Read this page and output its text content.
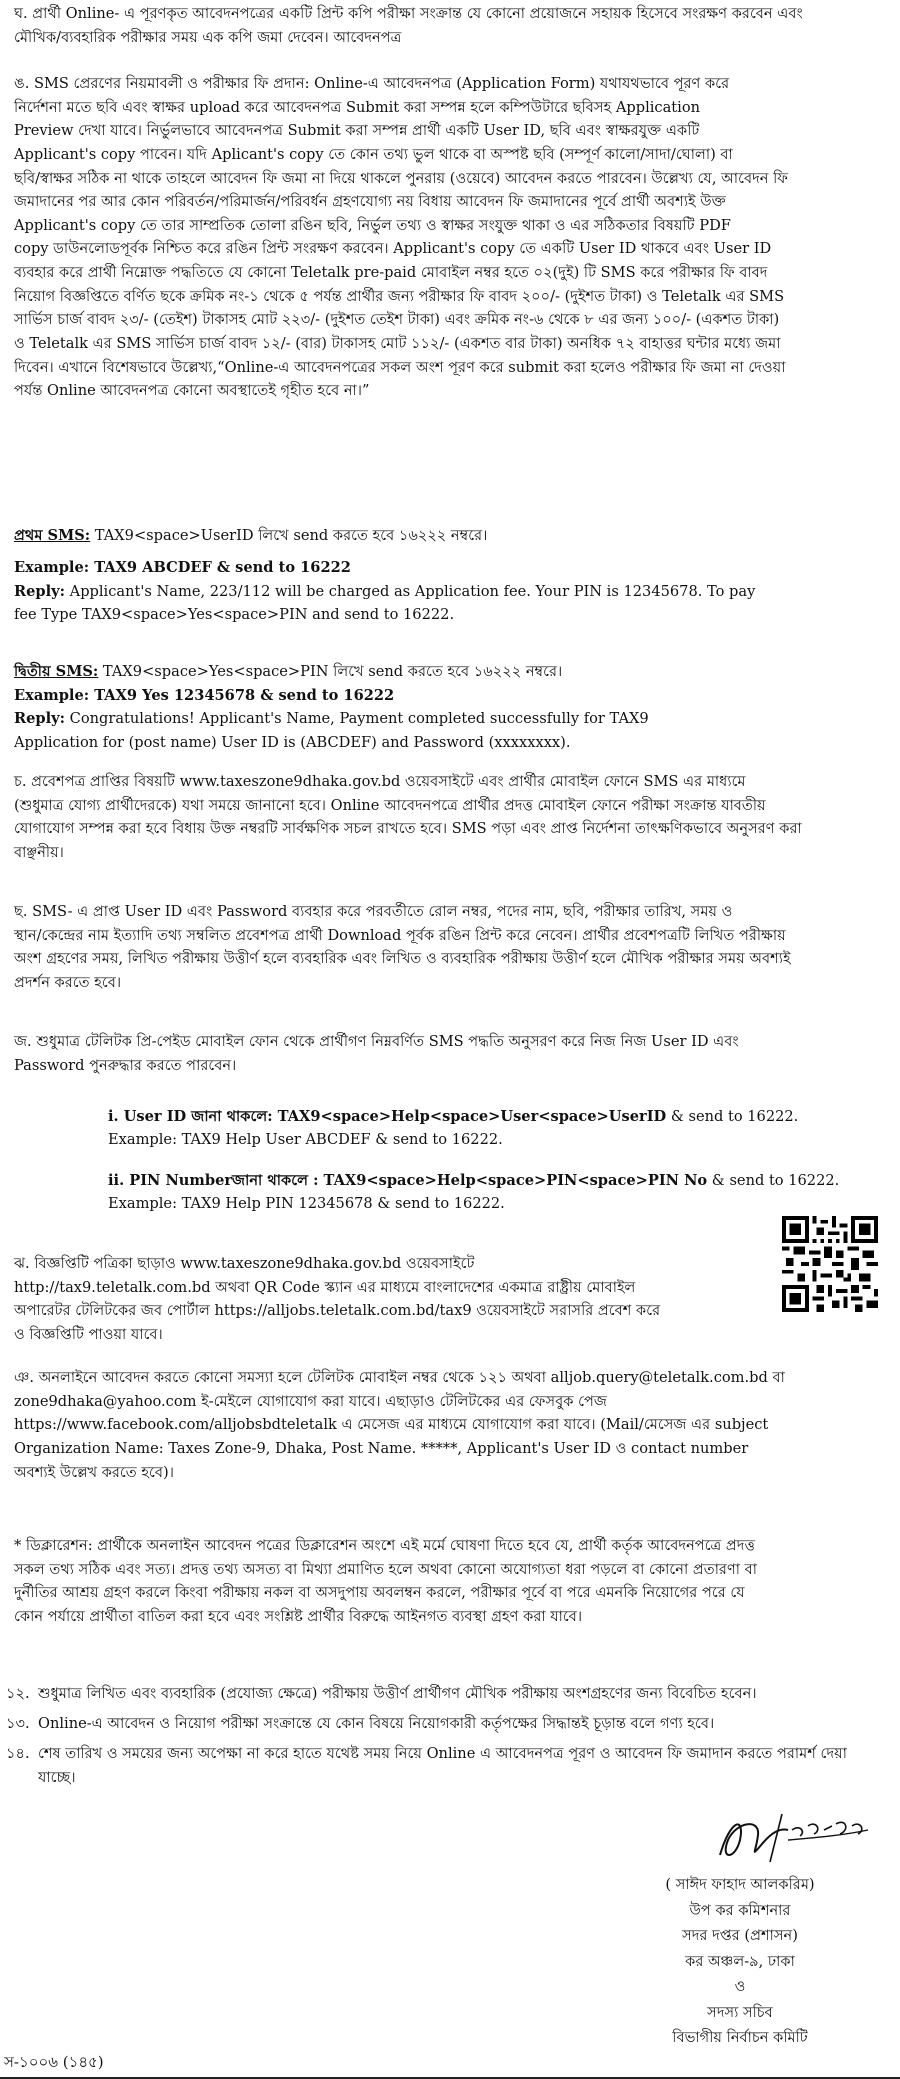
ঘ. প্রার্থী Online- এ পূরণকৃত আবেদনপত্রের একটি প্রিন্ট কপি পরীক্ষা সংক্রান্ত যে কোনো প্রয়োজনে সহায়ক হিসেবে সংরক্ষণ করবেন এবং
মৌখিক/ব্যবহারিক পরীক্ষার সময় এক কপি জমা দেবেন। আবেদনপত্র
ঙ. SMS প্রেরণের নিয়মাবলী ও পরীক্ষার ফি প্রদান: Online-এ আবেদনপত্র (Application Form) যথাযথভাবে পূরণ করে
নির্দেশনা মতে ছবি এবং স্বাক্ষর upload করে আবেদনপত্র Submit করা সম্পন্ন হলে কম্পিউটারে ছবিসহ Application
Preview দেখা যাবে। নির্ভুলভাবে আবেদনপত্র Submit করা সম্পন্ন প্রার্থী একটি User ID, ছবি এবং স্বাক্ষরযুক্ত একটি
Applicant's copy পাবেন। যদি Aplicant's copy তে কোন তথ্য ভুল থাকে বা অস্পষ্ট ছবি (সম্পূর্ণ কালো/সাদা/ঘোলা) বা
ছবি/স্বাক্ষর সঠিক না থাকে তাহলে আবেদন ফি জমা না দিয়ে থাকলে পুনরায় (ওয়েবে) আবেদন করতে পারবেন। উল্লেখ্য যে, আবেদন ফি
জমাদানের পর আর কোন পরিবর্তন/পরিমার্জন/পরিবর্ধন গ্রহণযোগ্য নয় বিধায় আবেদন ফি জমাদানের পূর্বে প্রার্থী অবশ্যই উক্ত
Applicant's copy তে তার সাম্প্রতিক তোলা রঙিন ছবি, নির্ভুল তথ্য ও স্বাক্ষর সংযুক্ত থাকা ও এর সঠিকতার বিষয়টি PDF
copy ডাউনলোডপূর্বক নিশ্চিত করে রঙিন প্রিন্ট সংরক্ষণ করবেন। Applicant's copy তে একটি User ID থাকবে এবং User ID
ব্যবহার করে প্রার্থী নিম্নোক্ত পদ্ধতিতে যে কোনো Teletalk pre-paid মোবাইল নম্বর হতে ০২(দুই) টি SMS করে পরীক্ষার ফি বাবদ
নিয়োগ বিজ্ঞপ্তিতে বর্ণিত ছকে ক্রমিক নং-১ থেকে ৫ পর্যন্ত প্রার্থীর জন্য পরীক্ষার ফি বাবদ ২০০/- (দুইশত টাকা) ও Teletalk এর SMS
সার্ভিস চার্জ বাবদ ২৩/- (তেইশ) টাকাসহ মোট ২২৩/- (দুইশত তেইশ টাকা) এবং ক্রমিক নং-৬ থেকে ৮ এর জন্য ১০০/- (একশত টাকা)
ও Teletalk এর SMS সার্ভিস চার্জ বাবদ ১২/- (বার) টাকাসহ মোট ১১২/- (একশত বার টাকা) অনধিক ৭২ বাহাত্তর ঘন্টার মধ্যে জমা
দিবেন। এখানে বিশেষভাবে উল্লেখ্য,“Online-এ আবেদনপত্রের সকল অংশ পূরণ করে submit করা হলেও পরীক্ষার ফি জমা না দেওয়া
পর্যন্ত Online আবেদনপত্র কোনো অবস্থাতেই গৃহীত হবে না।”
প্রথম SMS: TAX9<space>UserID লিখে send করতে হবে ১৬২২২ নম্বরে।
Example: TAX9 ABCDEF & send to 16222
Reply: Applicant's Name, 223/112 will be charged as Application fee. Your PIN is 12345678. To pay
fee Type TAX9<space>Yes<space>PIN and send to 16222.
দ্বিতীয় SMS: TAX9<space>Yes<space>PIN লিখে send করতে হবে ১৬২২২ নম্বরে।
Example: TAX9 Yes 12345678 & send to 16222
Reply: Congratulations! Applicant's Name, Payment completed successfully for TAX9
Application for (post name) User ID is (ABCDEF) and Password (xxxxxxxx).
চ. প্রবেশপত্র প্রাপ্তির বিষয়টি www.taxeszone9dhaka.gov.bd ওয়েবসাইটে এবং প্রার্থীর মোবাইল ফোনে SMS এর মাধ্যমে
(শুধুমাত্র যোগ্য প্রার্থীদেরকে) যথা সময়ে জানানো হবে। Online আবেদনপত্রে প্রার্থীর প্রদত্ত মোবাইল ফোনে পরীক্ষা সংক্রান্ত যাবতীয়
যোগাযোগ সম্পন্ন করা হবে বিধায় উক্ত নম্বরটি সার্বক্ষণিক সচল রাখতে হবে। SMS পড়া এবং প্রাপ্ত নির্দেশনা তাৎক্ষণিকভাবে অনুসরণ করা
বাঞ্ছনীয়।
ছ. SMS- এ প্রাপ্ত User ID এবং Password ব্যবহার করে পরবর্তীতে রোল নম্বর, পদের নাম, ছবি, পরীক্ষার তারিখ, সময় ও
স্থান/কেন্দ্রের নাম ইত্যাদি তথ্য সম্বলিত প্রবেশপত্র প্রার্থী Download পূর্বক রঙিন প্রিন্ট করে নেবেন। প্রার্থীর প্রবেশপত্রটি লিখিত পরীক্ষায়
অংশ গ্রহণের সময়, লিখিত পরীক্ষায় উত্তীর্ণ হলে ব্যবহারিক এবং লিখিত ও ব্যবহারিক পরীক্ষায় উত্তীর্ণ হলে মৌখিক পরীক্ষার সময় অবশ্যই
প্রদর্শন করতে হবে।
জ. শুধুমাত্র টেলিটক প্রি-পেইড মোবাইল ফোন থেকে প্রার্থীগণ নিম্নবর্ণিত SMS পদ্ধতি অনুসরণ করে নিজ নিজ User ID এবং
Password পুনরুদ্ধার করতে পারবেন।
i. User ID জানা থাকলে: TAX9<space>Help<space>User<space>UserID & send to 16222.
Example: TAX9 Help User ABCDEF & send to 16222.
ii. PIN Numberজানা থাকলে : TAX9<space>Help<space>PIN<space>PIN No & send to 16222.
Example: TAX9 Help PIN 12345678 & send to 16222.
ঝ. বিজ্ঞপ্তিটি পত্রিকা ছাড়াও www.taxeszone9dhaka.gov.bd ওয়েবসাইটে
http://tax9.teletalk.com.bd অথবা QR Code স্ক্যান এর মাধ্যমে বাংলাদেশের একমাত্র রাষ্ট্রীয় মোবাইল
অপারেটর টেলিটকের জব পোর্টাল https://alljobs.teletalk.com.bd/tax9 ওয়েবসাইটে সরাসরি প্রবেশ করে
ও বিজ্ঞপ্তিটি পাওয়া যাবে।
ঞ. অনলাইনে আবেদন করতে কোনো সমস্যা হলে টেলিটক মোবাইল নম্বর থেকে ১২১ অথবা alljob.query@teletalk.com.bd বা
zone9dhaka@yahoo.com ই-মেইলে যোগাযোগ করা যাবে। এছাড়াও টেলিটকের এর ফেসবুক পেজ
https://www.facebook.com/alljobsbdteletalk এ মেসেজ এর মাধ্যমে যোগাযোগ করা যাবে। (Mail/মেসেজ এর subject
Organization Name: Taxes Zone-9, Dhaka, Post Name. *****, Applicant's User ID ও contact number
অবশ্যই উল্লেখ করতে হবে)।
* ডিক্লারেশন: প্রার্থীকে অনলাইন আবেদন পত্রের ডিক্লারেশন অংশে এই মর্মে ঘোষণা দিতে হবে যে, প্রার্থী কর্তৃক আবেদনপত্রে প্রদত্ত
সকল তথ্য সঠিক এবং সত্য। প্রদত্ত তথ্য অসত্য বা মিথ্যা প্রমাণিত হলে অথবা কোনো অযোগ্যতা ধরা পড়লে বা কোনো প্রতারণা বা
দুর্নীতির আশ্রয় গ্রহণ করলে কিংবা পরীক্ষায় নকল বা অসদুপায় অবলম্বন করলে, পরীক্ষার পূর্বে বা পরে এমনকি নিয়োগের পরে যে
কোন পর্যায়ে প্রার্থীতা বাতিল করা হবে এবং সংশ্লিষ্ট প্রার্থীর বিরুদ্ধে আইনগত ব্যবস্থা গ্রহণ করা যাবে।
১২. শুধুমাত্র লিখিত এবং ব্যবহারিক (প্রযোজ্য ক্ষেত্রে) পরীক্ষায় উত্তীর্ণ প্রার্থীগণ মৌখিক পরীক্ষায় অংশগ্রহণের জন্য বিবেচিত হবেন।
১৩. Online-এ আবেদন ও নিয়োগ পরীক্ষা সংক্রান্তে যে কোন বিষয়ে নিয়োগকারী কর্তৃপক্ষের সিদ্ধান্তই চূড়ান্ত বলে গণ্য হবে।
১৪. শেষ তারিখ ও সময়ের জন্য অপেক্ষা না করে হাতে যথেষ্ট সময় নিয়ে Online এ আবেদনপত্র পূরণ ও আবেদন ফি জমাদান করতে পরামর্শ দেয়া
যাচ্ছে।
( সাঈদ ফাহাদ আলকরিম)
উপ কর কমিশনার
সদর দপ্তর (প্রশাসন)
কর অঞ্চল-৯, ঢাকা
ও
সদস্য সচিব
বিভাগীয় নির্বাচন কমিটি
স-১০০৬ (১৪৫)
